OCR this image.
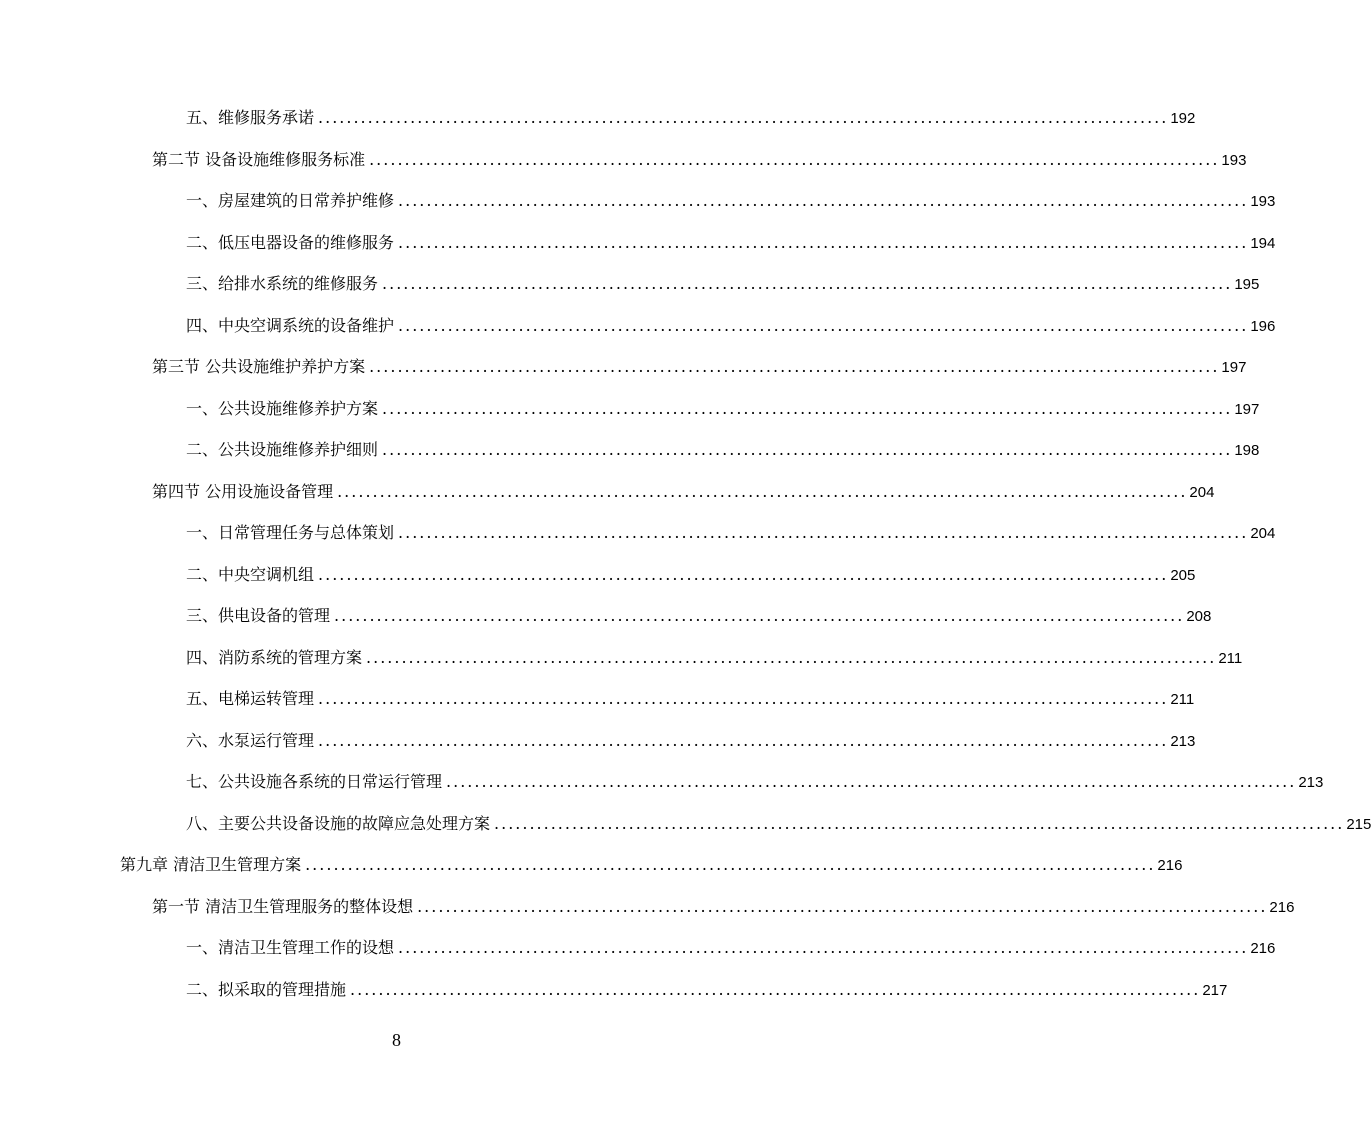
五、维修服务承诺 ........................................................................................................................ 192
第二节 设备设施维修服务标准 ........................................................................................................................ 193
一、房屋建筑的日常养护维修 ........................................................................................................................ 193
二、低压电器设备的维修服务 ........................................................................................................................ 194
三、给排水系统的维修服务 ........................................................................................................................ 195
四、中央空调系统的设备维护 ........................................................................................................................ 196
第三节 公共设施维护养护方案 ........................................................................................................................ 197
一、公共设施维修养护方案 ........................................................................................................................ 197
二、公共设施维修养护细则 ........................................................................................................................ 198
第四节 公用设施设备管理 ........................................................................................................................ 204
一、日常管理任务与总体策划 ........................................................................................................................ 204
二、中央空调机组 ........................................................................................................................ 205
三、供电设备的管理 ........................................................................................................................ 208
四、消防系统的管理方案 ........................................................................................................................ 211
五、电梯运转管理 ........................................................................................................................ 211
六、水泵运行管理 ........................................................................................................................ 213
七、公共设施各系统的日常运行管理 ........................................................................................................................ 213
八、主要公共设备设施的故障应急处理方案 ........................................................................................................................ 215
第九章 清洁卫生管理方案 ........................................................................................................................ 216
第一节 清洁卫生管理服务的整体设想 ........................................................................................................................ 216
一、清洁卫生管理工作的设想 ........................................................................................................................ 216
二、拟采取的管理措施 ........................................................................................................................ 217
8
